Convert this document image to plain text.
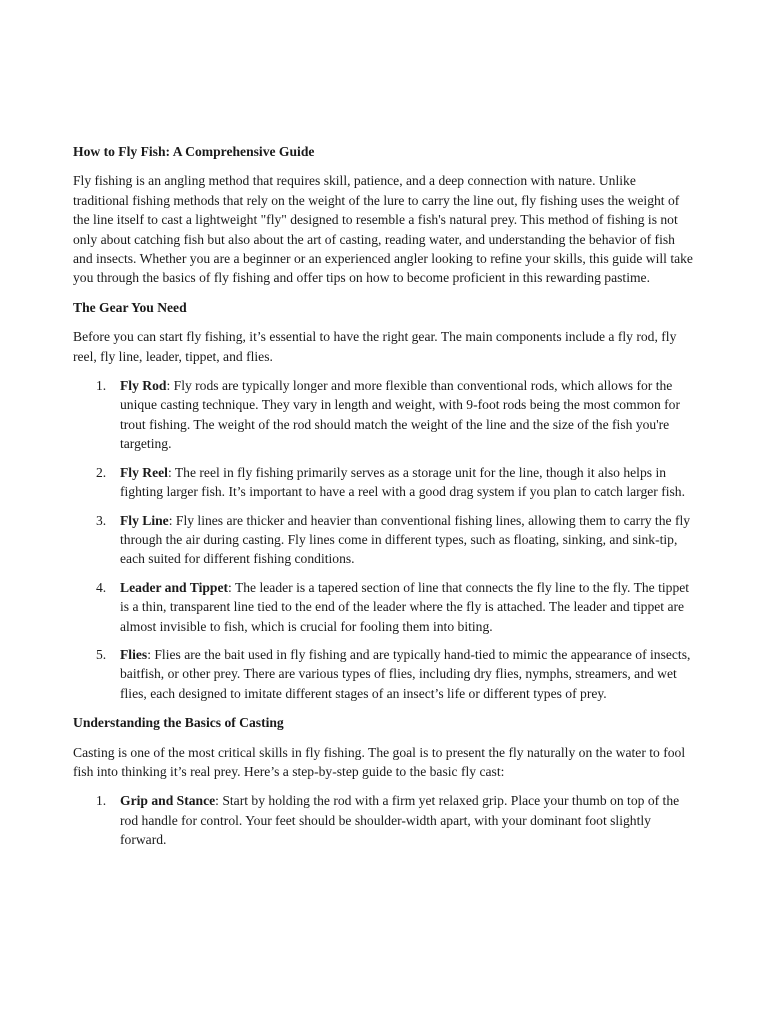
How to Fly Fish: A Comprehensive Guide

Fly fishing is an angling method that requires skill, patience, and a deep connection with nature. Unlike traditional fishing methods that rely on the weight of the lure to carry the line out, fly fishing uses the weight of the line itself to cast a lightweight "fly" designed to resemble a fish's natural prey. This method of fishing is not only about catching fish but also about the art of casting, reading water, and understanding the behavior of fish and insects. Whether you are a beginner or an experienced angler looking to refine your skills, this guide will take you through the basics of fly fishing and offer tips on how to become proficient in this rewarding pastime.

The Gear You Need

Before you can start fly fishing, it’s essential to have the right gear. The main components include a fly rod, fly reel, fly line, leader, tippet, and flies.

1. Fly Rod: Fly rods are typically longer and more flexible than conventional rods, which allows for the unique casting technique. They vary in length and weight, with 9-foot rods being the most common for trout fishing. The weight of the rod should match the weight of the line and the size of the fish you're targeting.
2. Fly Reel: The reel in fly fishing primarily serves as a storage unit for the line, though it also helps in fighting larger fish. It’s important to have a reel with a good drag system if you plan to catch larger fish.
3. Fly Line: Fly lines are thicker and heavier than conventional fishing lines, allowing them to carry the fly through the air during casting. Fly lines come in different types, such as floating, sinking, and sink-tip, each suited for different fishing conditions.
4. Leader and Tippet: The leader is a tapered section of line that connects the fly line to the fly. The tippet is a thin, transparent line tied to the end of the leader where the fly is attached. The leader and tippet are almost invisible to fish, which is crucial for fooling them into biting.
5. Flies: Flies are the bait used in fly fishing and are typically hand-tied to mimic the appearance of insects, baitfish, or other prey. There are various types of flies, including dry flies, nymphs, streamers, and wet flies, each designed to imitate different stages of an insect’s life or different types of prey.

Understanding the Basics of Casting

Casting is one of the most critical skills in fly fishing. The goal is to present the fly naturally on the water to fool fish into thinking it’s real prey. Here’s a step-by-step guide to the basic fly cast:

1. Grip and Stance: Start by holding the rod with a firm yet relaxed grip. Place your thumb on top of the rod handle for control. Your feet should be shoulder-width apart, with your dominant foot slightly forward.
